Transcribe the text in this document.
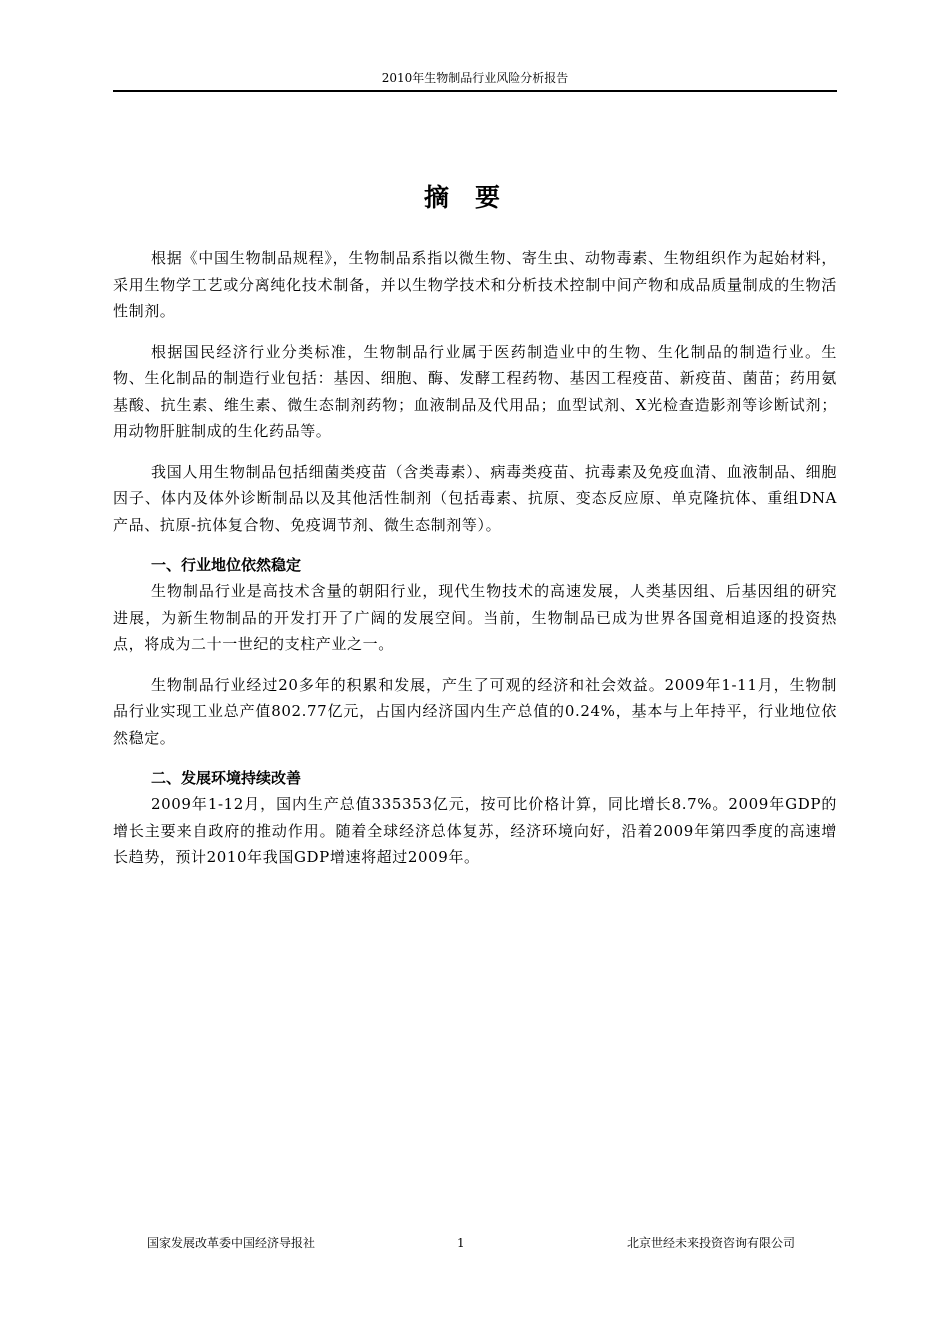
2010年生物制品行业风险分析报告
摘要

根据《中国生物制品规程》，生物制品系指以微生物、寄生虫、动物毒素、生物组织作为起始材料，采用生物学工艺或分离纯化技术制备，并以生物学技术和分析技术控制中间产物和成品质量制成的生物活性制剂。

根据国民经济行业分类标准，生物制品行业属于医药制造业中的生物、生化制品的制造行业。生物、生化制品的制造行业包括：基因、细胞、酶、发酵工程药物、基因工程疫苗、新疫苗、菌苗；药用氨基酸、抗生素、维生素、微生态制剂药物；血液制品及代用品；血型试剂、X光检查造影剂等诊断试剂；用动物肝脏制成的生化药品等。

我国人用生物制品包括细菌类疫苗（含类毒素）、病毒类疫苗、抗毒素及免疫血清、血液制品、细胞因子、体内及体外诊断制品以及其他活性制剂（包括毒素、抗原、变态反应原、单克隆抗体、重组DNA产品、抗原-抗体复合物、免疫调节剂、微生态制剂等）。

一、行业地位依然稳定

生物制品行业是高技术含量的朝阳行业，现代生物技术的高速发展，人类基因组、后基因组的研究进展，为新生物制品的开发打开了广阔的发展空间。当前，生物制品已成为世界各国竟相追逐的投资热点，将成为二十一世纪的支柱产业之一。

生物制品行业经过20多年的积累和发展，产生了可观的经济和社会效益。2009年1-11月，生物制品行业实现工业总产值802.77亿元，占国内经济国内生产总值的0.24%，基本与上年持平，行业地位依然稳定。

二、发展环境持续改善

2009年1-12月，国内生产总值335353亿元，按可比价格计算，同比增长8.7%。2009年GDP的增长主要来自政府的推动作用。随着全球经济总体复苏，经济环境向好，沿着2009年第四季度的高速增长趋势，预计2010年我国GDP增速将超过2009年。

国家发展改革委中国经济导报社	1	北京世经未来投资咨询有限公司
